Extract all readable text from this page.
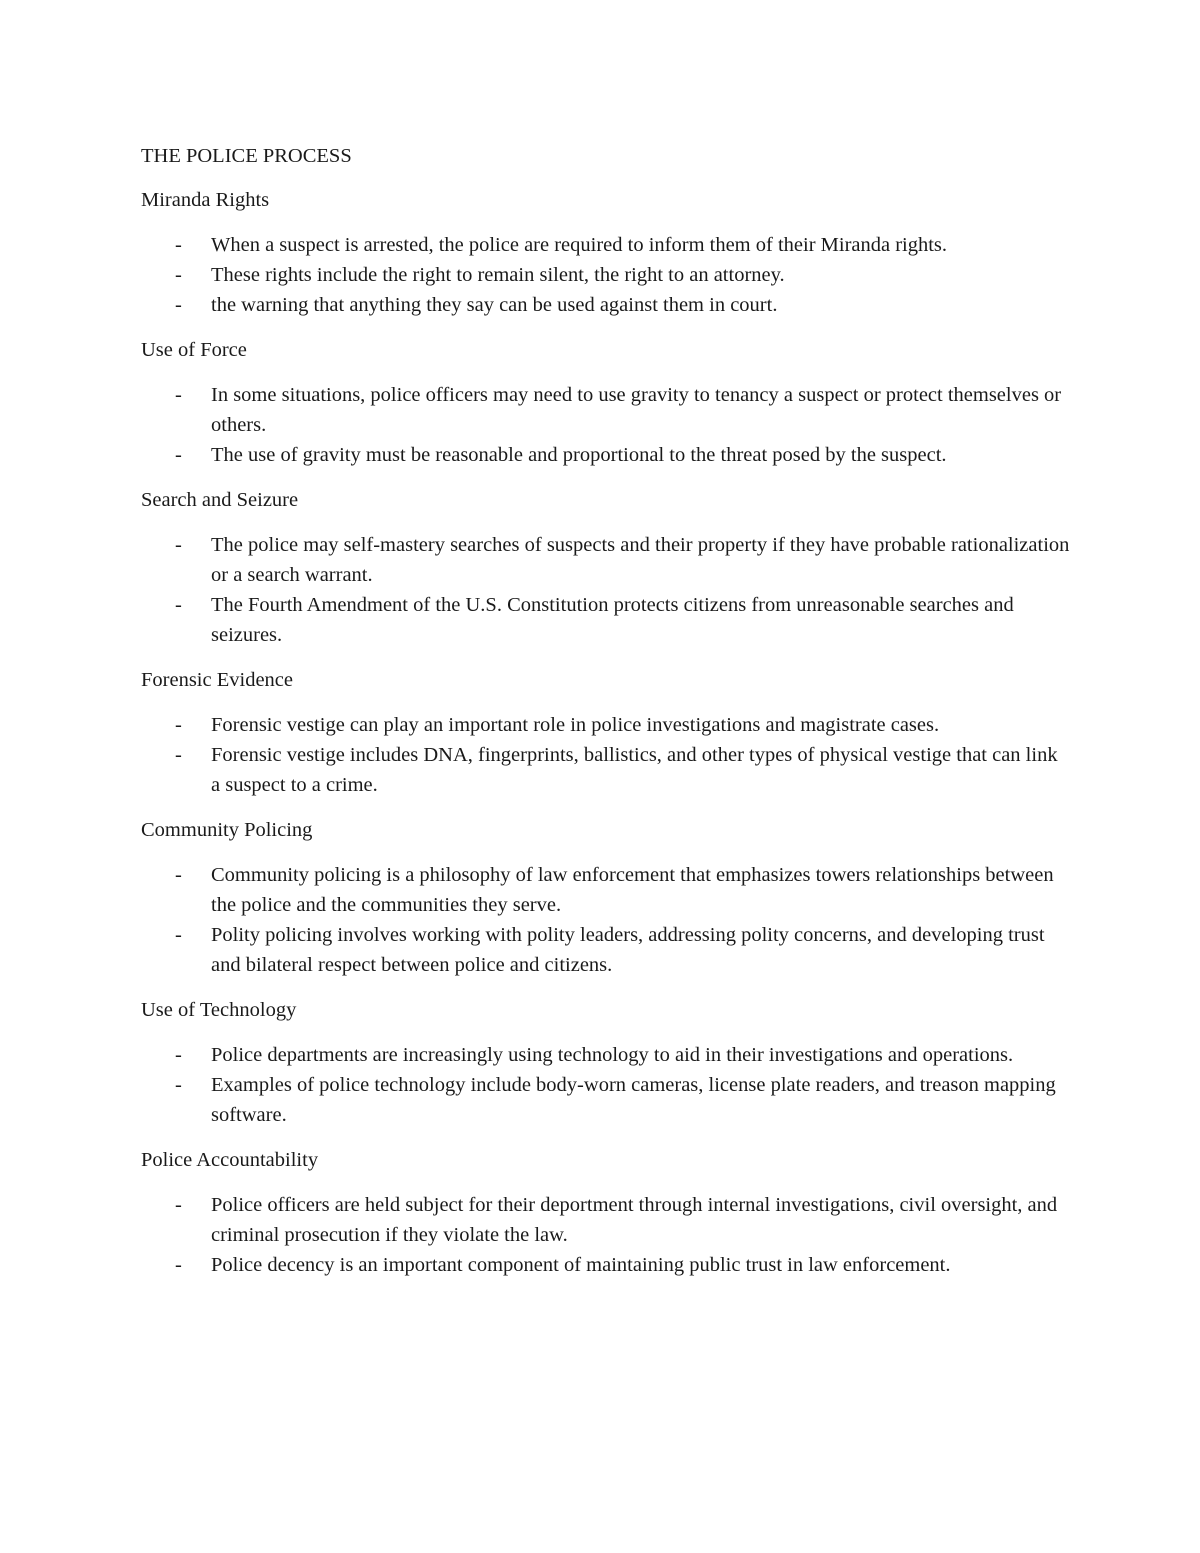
THE POLICE PROCESS

Miranda Rights

- When a suspect is arrested, the police are required to inform them of their Miranda rights.
- These rights include the right to remain silent, the right to an attorney.
- the warning that anything they say can be used against them in court.

Use of Force

- In some situations, police officers may need to use gravity to tenancy a suspect or protect themselves or others.
- The use of gravity must be reasonable and proportional to the threat posed by the suspect.

Search and Seizure

- The police may self-mastery searches of suspects and their property if they have probable rationalization or a search warrant.
- The Fourth Amendment of the U.S. Constitution protects citizens from unreasonable searches and seizures.

Forensic Evidence

- Forensic vestige can play an important role in police investigations and magistrate cases.
- Forensic vestige includes DNA, fingerprints, ballistics, and other types of physical vestige that can link a suspect to a crime.

Community Policing

- Community policing is a philosophy of law enforcement that emphasizes towers relationships between the police and the communities they serve.
- Polity policing involves working with polity leaders, addressing polity concerns, and developing trust and bilateral respect between police and citizens.

Use of Technology

- Police departments are increasingly using technology to aid in their investigations and operations.
- Examples of police technology include body-worn cameras, license plate readers, and treason mapping software.

Police Accountability

- Police officers are held subject for their deportment through internal investigations, civil oversight, and criminal prosecution if they violate the law.
- Police decency is an important component of maintaining public trust in law enforcement.
